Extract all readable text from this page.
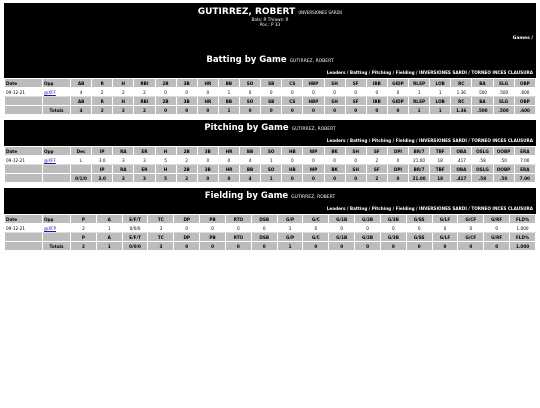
GUTIRREZ, ROBERT (INVERSIONES SARDI)
Bats: R Throws: R
Pos.: P 33
Games /
Batting by Game GUTIRREZ, ROBERT
Leaders / Batting / Pitching / Fielding / INVERSIONES SARDI / TORNEO INCES CLAUSURA
Date	Opp	AB	R	H	RBI	2B	3B	HR	BB	SO	SB	CS	HBP	SH	SF	IBB	GIDP	RLSP	LOB	RC	BA	SLG	OBP
09-12-21	@XFF	4	2	2	2	0	0	0	1	0	0	0	0	0	0	0	0	1	1	1.36	.500	.500	.600
		AB	R	H	RBI	2B	3B	HR	BB	SO	SB	CS	HBP	SH	SF	IBB	GIDP	RLSP	LOB	RC	BA	SLG	OBP
	Totals	4	2	2	2	0	0	0	1	0	0	0	0	0	0	0	0	1	1	1.36	.500	.500	.600
Pitching by Game GUTIRREZ, ROBERT
Leaders / Batting / Pitching / Fielding / INVERSIONES SARDI / TORNEO INCES CLAUSURA
Date	Opp	Dec	IP	RA	ER	H	2B	3B	HR	BB	SO	HB	WP	BK	SH	SF	DPI	BR/7	TBF	OBA	OSLG	OOBP	ERA
09-12-21	@XFF	L	3.0	3	3	5	2	0	0	4	1	0	0	0	0	2	0	21.00	18	.417	.58	.50	7.00
			IP	RA	ER	H	2B	3B	HR	BB	SO	HB	WP	BK	SH	SF	DPI	BR/7	TBF	OBA	OSLG	OOBP	ERA
		0/1/0	3.0	3	3	5	2	0	0	4	1	0	0	0	0	2	0	21.00	18	.417	.58	.50	7.00
Fielding by Game GUTIRREZ, ROBERT
Leaders / Batting / Pitching / Fielding / INVERSIONES SARDI / TORNEO INCES CLAUSURA
Date	Opp	P	A	E/F/T	TC	DP	PB	RTO	DSB	G/P	G/C	G/1B	G/2B	G/3B	G/SS	G/LF	G/CF	G/RF	FLD%
09-12-21	@XFP	2	1	0/0/0	3	0	0	0	0	1	0	0	0	0	0	0	0	0	1.000
		P	A	E/F/T	TC	DP	PB	RTO	DSB	G/P	G/C	G/1B	G/2B	G/3B	G/SS	G/LF	G/CF	G/RF	FLD%
	Totals	2	1	0/0/0	3	0	0	0	0	1	0	0	0	0	0	0	0	0	1.000
